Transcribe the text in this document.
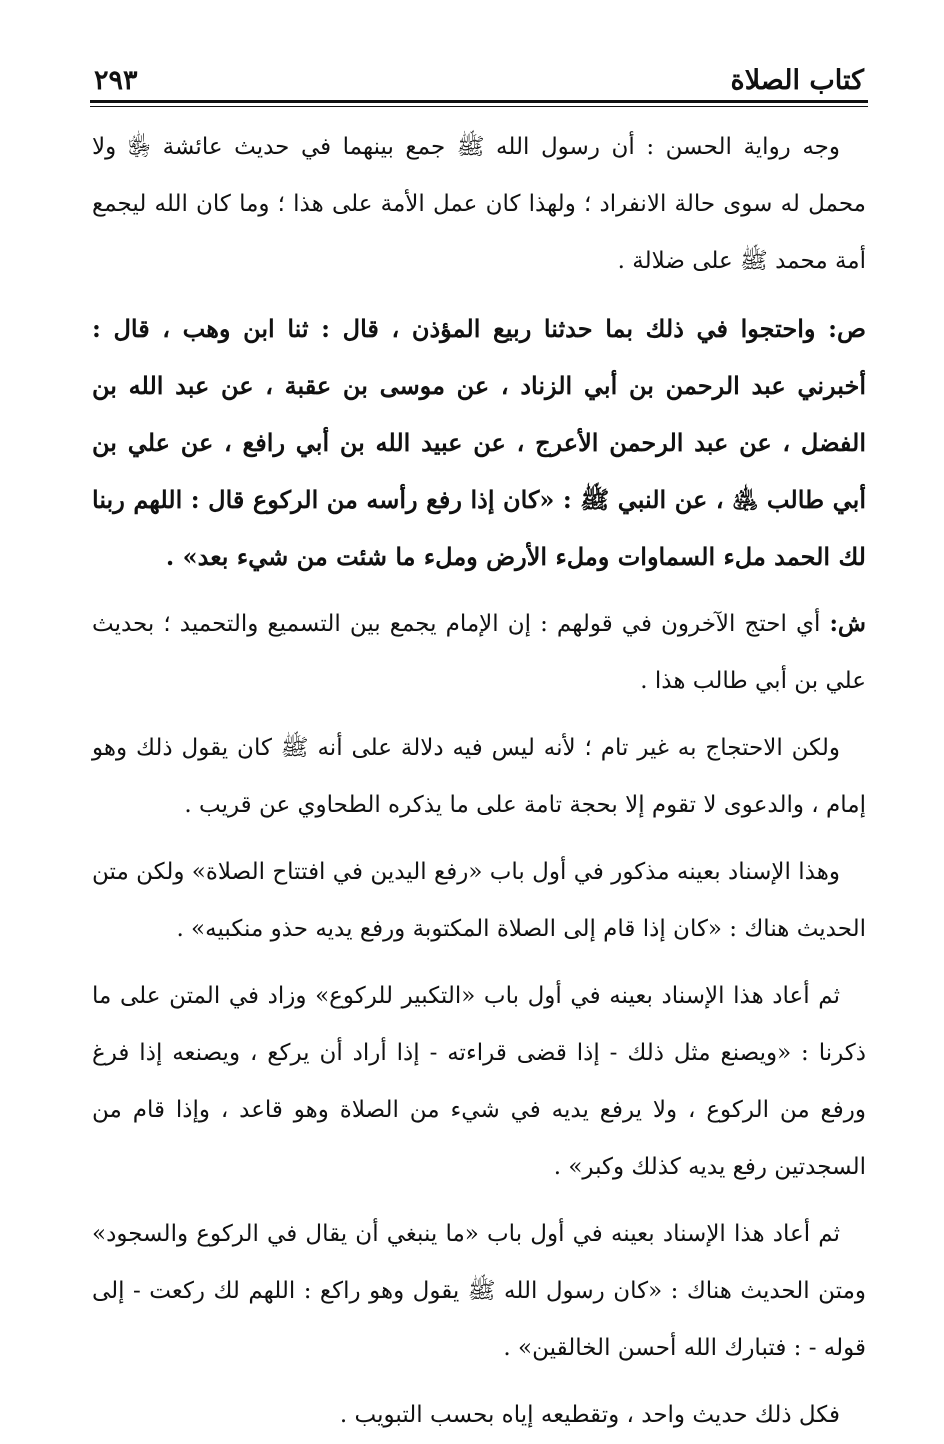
كتاب الصلاة
٢٩٣

وجه رواية الحسن : أن رسول الله ﷺ جمع بينهما في حديث عائشة ﵂ ولا محمل له سوى حالة الانفراد ؛ ولهذا كان عمل الأمة على هذا ؛ وما كان الله ليجمع أمة محمد ﷺ على ضلالة .

ص: واحتجوا في ذلك بما حدثنا ربيع المؤذن ، قال : ثنا ابن وهب ، قال : أخبرني عبد الرحمن بن أبي الزناد ، عن موسى بن عقبة ، عن عبد الله بن الفضل ، عن عبد الرحمن الأعرج ، عن عبيد الله بن أبي رافع ، عن علي بن أبي طالب ﵁ ، عن النبي ﷺ : «كان إذا رفع رأسه من الركوع قال : اللهم ربنا لك الحمد ملء السماوات وملء الأرض وملء ما شئت من شيء بعد» .

ش: أي احتج الآخرون في قولهم : إن الإمام يجمع بين التسميع والتحميد ؛ بحديث علي بن أبي طالب هذا .

ولكن الاحتجاج به غير تام ؛ لأنه ليس فيه دلالة على أنه ﷺ كان يقول ذلك وهو إمام ، والدعوى لا تقوم إلا بحجة تامة على ما يذكره الطحاوي عن قريب .

وهذا الإسناد بعينه مذكور في أول باب «رفع اليدين في افتتاح الصلاة» ولكن متن الحديث هناك : «كان إذا قام إلى الصلاة المكتوبة ورفع يديه حذو منكبيه» .

ثم أعاد هذا الإسناد بعينه في أول باب «التكبير للركوع» وزاد في المتن على ما ذكرنا : «ويصنع مثل ذلك - إذا قضى قراءته - إذا أراد أن يركع ، ويصنعه إذا فرغ ورفع من الركوع ، ولا يرفع يديه في شيء من الصلاة وهو قاعد ، وإذا قام من السجدتين رفع يديه كذلك وكبر» .

ثم أعاد هذا الإسناد بعينه في أول باب «ما ينبغي أن يقال في الركوع والسجود» ومتن الحديث هناك : «كان رسول الله ﷺ يقول وهو راكع : اللهم لك ركعت - إلى قوله - : فتبارك الله أحسن الخالقين» .

فكل ذلك حديث واحد ، وتقطيعه إياه بحسب التبويب .
